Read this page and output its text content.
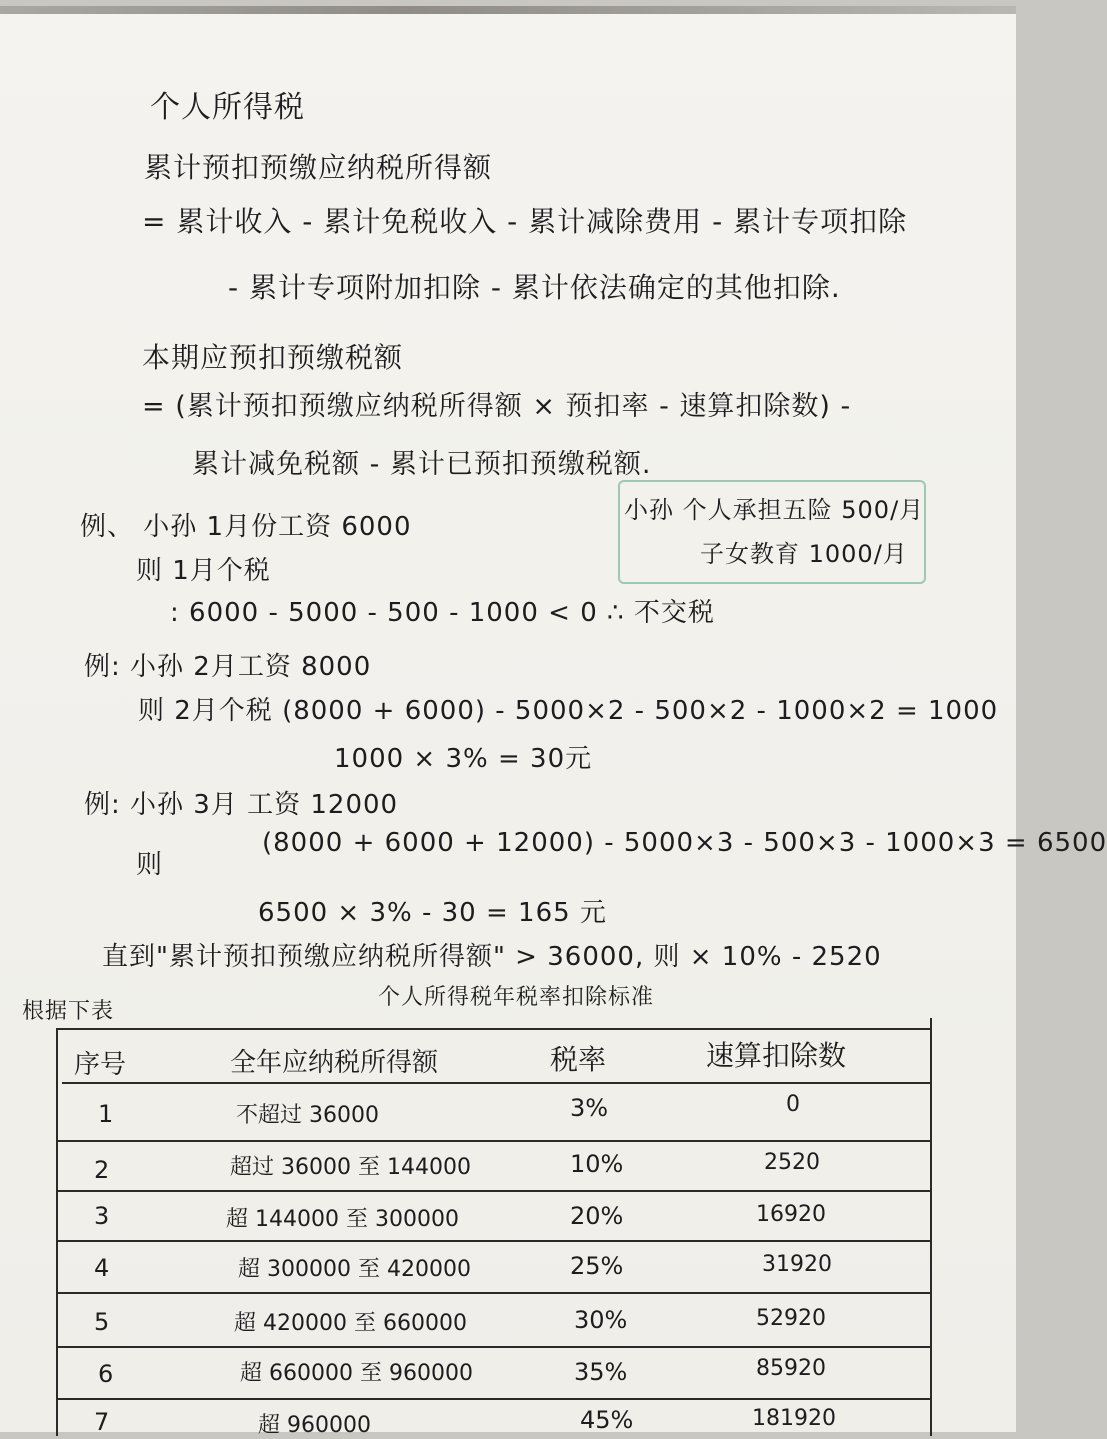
个人所得税
累计预扣预缴应纳税所得额
= 累计收入 - 累计免税收入 - 累计减除费用 - 累计专项扣除
- 累计专项附加扣除 - 累计依法确定的其他扣除.
本期应预扣预缴税额
= (累计预扣预缴应纳税所得额 × 预扣率 - 速算扣除数) -
累计减免税额 - 累计已预扣预缴税额.
小孙 个人承担五险 500/月
子女教育 1000/月
例、 小孙 1月份工资 6000
则 1月个税
: 6000 - 5000 - 500 - 1000 < 0 ∴ 不交税
例: 小孙 2月工资 8000
则 2月个税 (8000 + 6000) - 5000×2 - 500×2 - 1000×2 = 1000
1000 × 3% = 30元
例: 小孙 3月 工资 12000
则
(8000 + 6000 + 12000) - 5000×3 - 500×3 - 1000×3 = 6500
6500 × 3% - 30 = 165 元
直到"累计预扣预缴应纳税所得额" > 36000, 则 × 10% - 2520
根据下表
个人所得税年税率扣除标准
序号	全年应纳税所得额	税率	速算扣除数
1	不超过 36000	3%	0
2	超过 36000 至 144000	10%	2520
3	超 144000 至 300000	20%	16920
4	超 300000 至 420000	25%	31920
5	超 420000 至 660000	30%	52920
6	超 660000 至 960000	35%	85920
7	超 960000	45%	181920
